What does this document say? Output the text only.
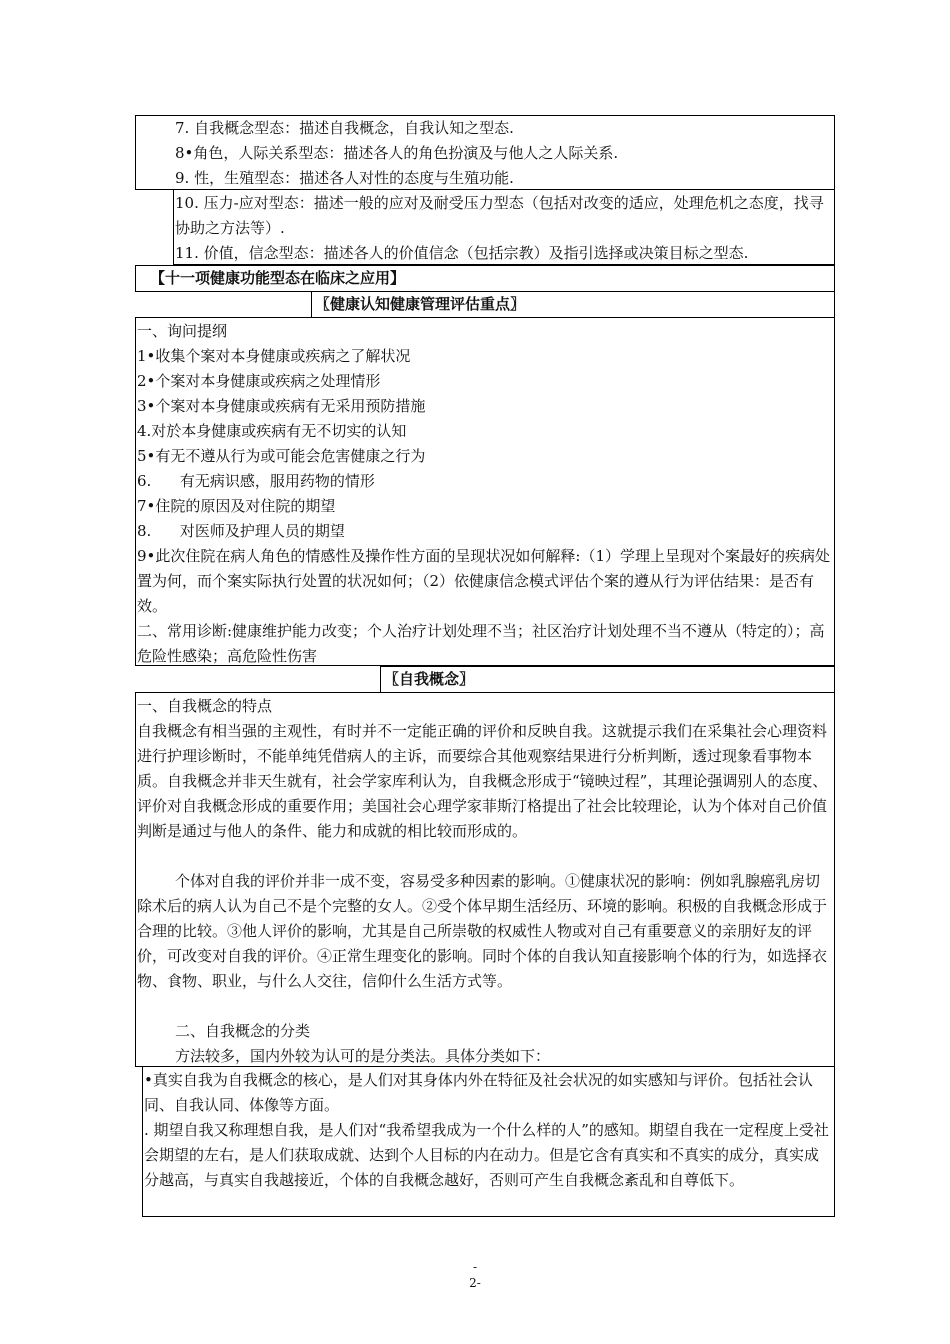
7. 自我概念型态：描述自我概念，自我认知之型态.
8•角色，人际关系型态：描述各人的角色扮演及与他人之人际关系.
9. 性，生殖型态：描述各人对性的态度与生殖功能.
10. 压力-应对型态：描述一般的应对及耐受压力型态（包括对改变的适应，处理危机之态度，找寻协助之方法等）.
11. 价值，信念型态：描述各人的价值信念（包括宗教）及指引选择或决策目标之型态.
【十一项健康功能型态在临床之应用】
〖健康认知健康管理评估重点〗
一、询问提纲
1•收集个案对本身健康或疾病之了解状况
2•个案对本身健康或疾病之处理情形
3•个案对本身健康或疾病有无采用预防措施
4.对於本身健康或疾病有无不切实的认知
5•有无不遵从行为或可能会危害健康之行为
6.      有无病识感，服用药物的情形
7•住院的原因及对住院的期望
8.      对医师及护理人员的期望
9•此次住院在病人角色的情感性及操作性方面的呈现状况如何解释:（1）学理上呈现对个案最好的疾病处置为何，而个案实际执行处置的状况如何；（2）依健康信念模式评估个案的遵从行为评估结果：是否有效。
二、常用诊断:健康维护能力改变；个人治疗计划处理不当；社区治疗计划处理不当不遵从（特定的）；高危险性感染；高危险性伤害
〖自我概念〗
一、自我概念的特点
自我概念有相当强的主观性，有时并不一定能正确的评价和反映自我。这就提示我们在采集社会心理资料进行护理诊断时，不能单纯凭借病人的主诉，而要综合其他观察结果进行分析判断，透过现象看事物本质。自我概念并非天生就有，社会学家库利认为，自我概念形成于“镜映过程”，其理论强调别人的态度、评价对自我概念形成的重要作用；美国社会心理学家菲斯汀格提出了社会比较理论，认为个体对自己价值判断是通过与他人的条件、能力和成就的相比较而形成的。
个体对自我的评价并非一成不变，容易受多种因素的影响。①健康状况的影响：例如乳腺癌乳房切除术后的病人认为自己不是个完整的女人。②受个体早期生活经历、环境的影响。积极的自我概念形成于合理的比较。③他人评价的影响，尤其是自己所崇敬的权威性人物或对自己有重要意义的亲朋好友的评价，可改变对自我的评价。④正常生理变化的影响。同时个体的自我认知直接影响个体的行为，如选择衣物、食物、职业，与什么人交往，信仰什么生活方式等。
二、自我概念的分类
方法较多，国内外较为认可的是分类法。具体分类如下：
•真实自我为自我概念的核心，是人们对其身体内外在特征及社会状况的如实感知与评价。包括社会认同、自我认同、体像等方面。
. 期望自我又称理想自我，是人们对“我希望我成为一个什么样的人”的感知。期望自我在一定程度上受社会期望的左右，是人们获取成就、达到个人目标的内在动力。但是它含有真实和不真实的成分，真实成分越高，与真实自我越接近，个体的自我概念越好，否则可产生自我概念紊乱和自尊低下。
-
2-
